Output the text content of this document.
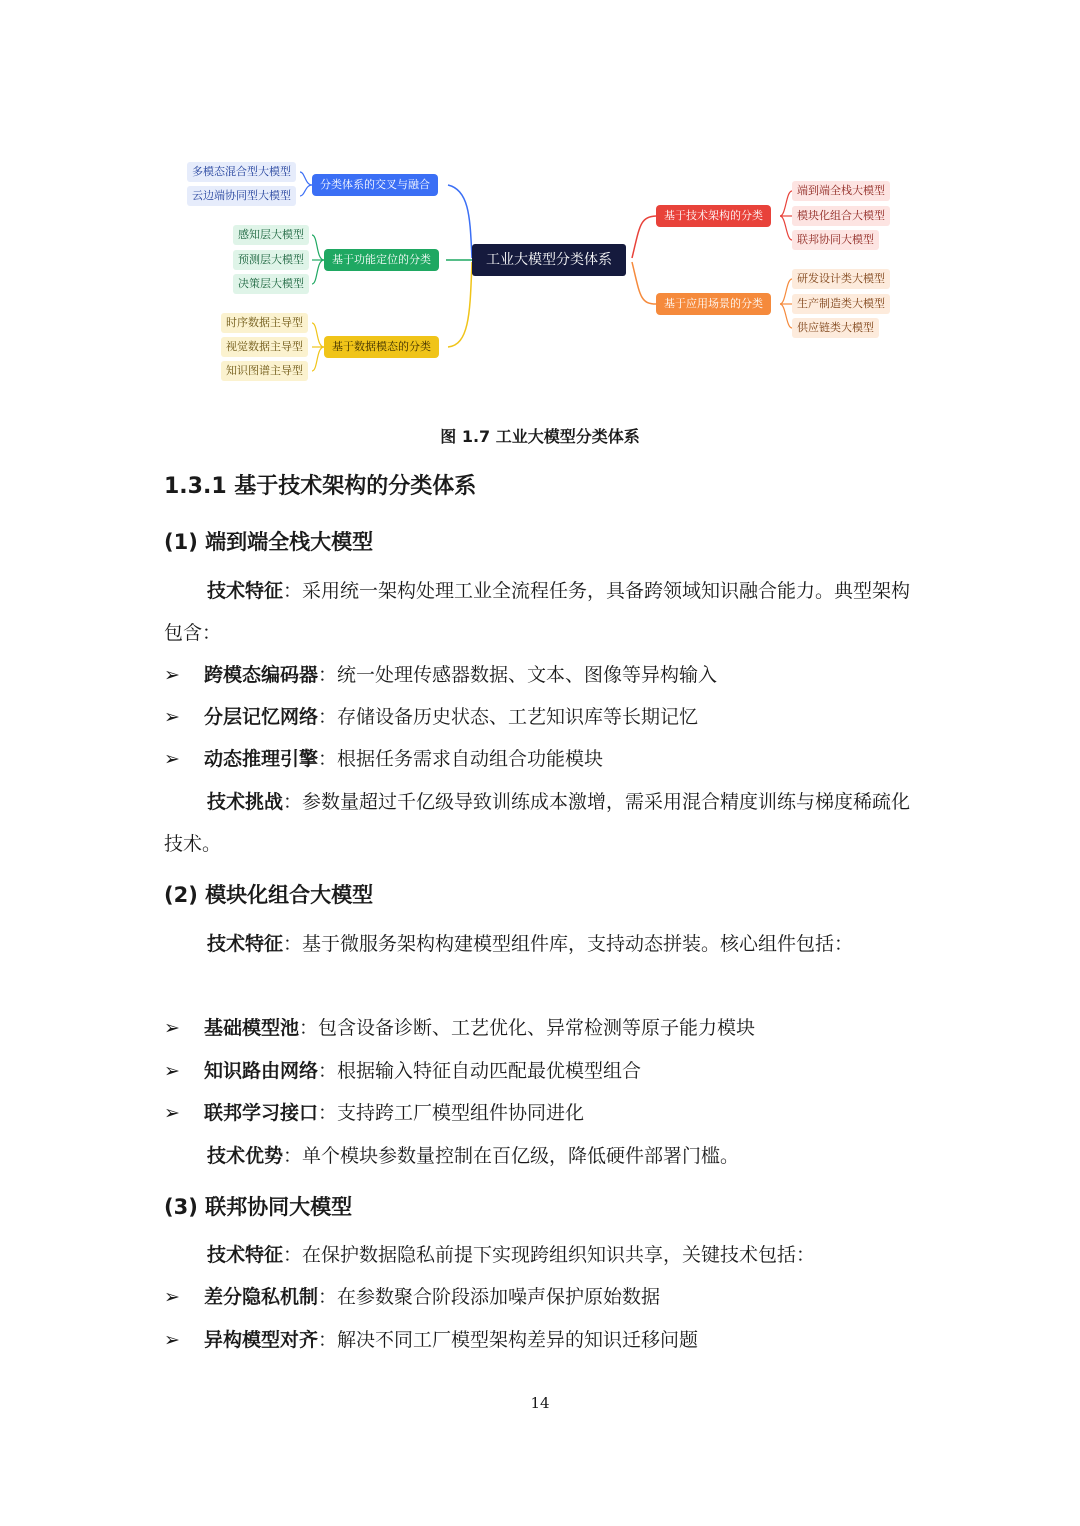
工业大模型分类体系
分类体系的交叉与融合
多模态混合型大模型
云边端协同型大模型
基于功能定位的分类
感知层大模型
预测层大模型
决策层大模型
基于数据模态的分类
时序数据主导型
视觉数据主导型
知识图谱主导型
基于技术架构的分类
端到端全栈大模型
模块化组合大模型
联邦协同大模型
基于应用场景的分类
研发设计类大模型
生产制造类大模型
供应链类大模型
图 1.7 工业大模型分类体系
1.3.1 基于技术架构的分类体系
(1) 端到端全栈大模型
技术特征：采用统一架构处理工业全流程任务，具备跨领域知识融合能力。典型架构包含：
➢ 跨模态编码器：统一处理传感器数据、文本、图像等异构输入
➢ 分层记忆网络：存储设备历史状态、工艺知识库等长期记忆
➢ 动态推理引擎：根据任务需求自动组合功能模块
技术挑战：参数量超过千亿级导致训练成本激增，需采用混合精度训练与梯度稀疏化技术。
(2) 模块化组合大模型
技术特征：基于微服务架构构建模型组件库，支持动态拼装。核心组件包括：
➢ 基础模型池：包含设备诊断、工艺优化、异常检测等原子能力模块
➢ 知识路由网络：根据输入特征自动匹配最优模型组合
➢ 联邦学习接口：支持跨工厂模型组件协同进化
技术优势：单个模块参数量控制在百亿级，降低硬件部署门槛。
(3) 联邦协同大模型
技术特征：在保护数据隐私前提下实现跨组织知识共享，关键技术包括：
➢ 差分隐私机制：在参数聚合阶段添加噪声保护原始数据
➢ 异构模型对齐：解决不同工厂模型架构差异的知识迁移问题
14
